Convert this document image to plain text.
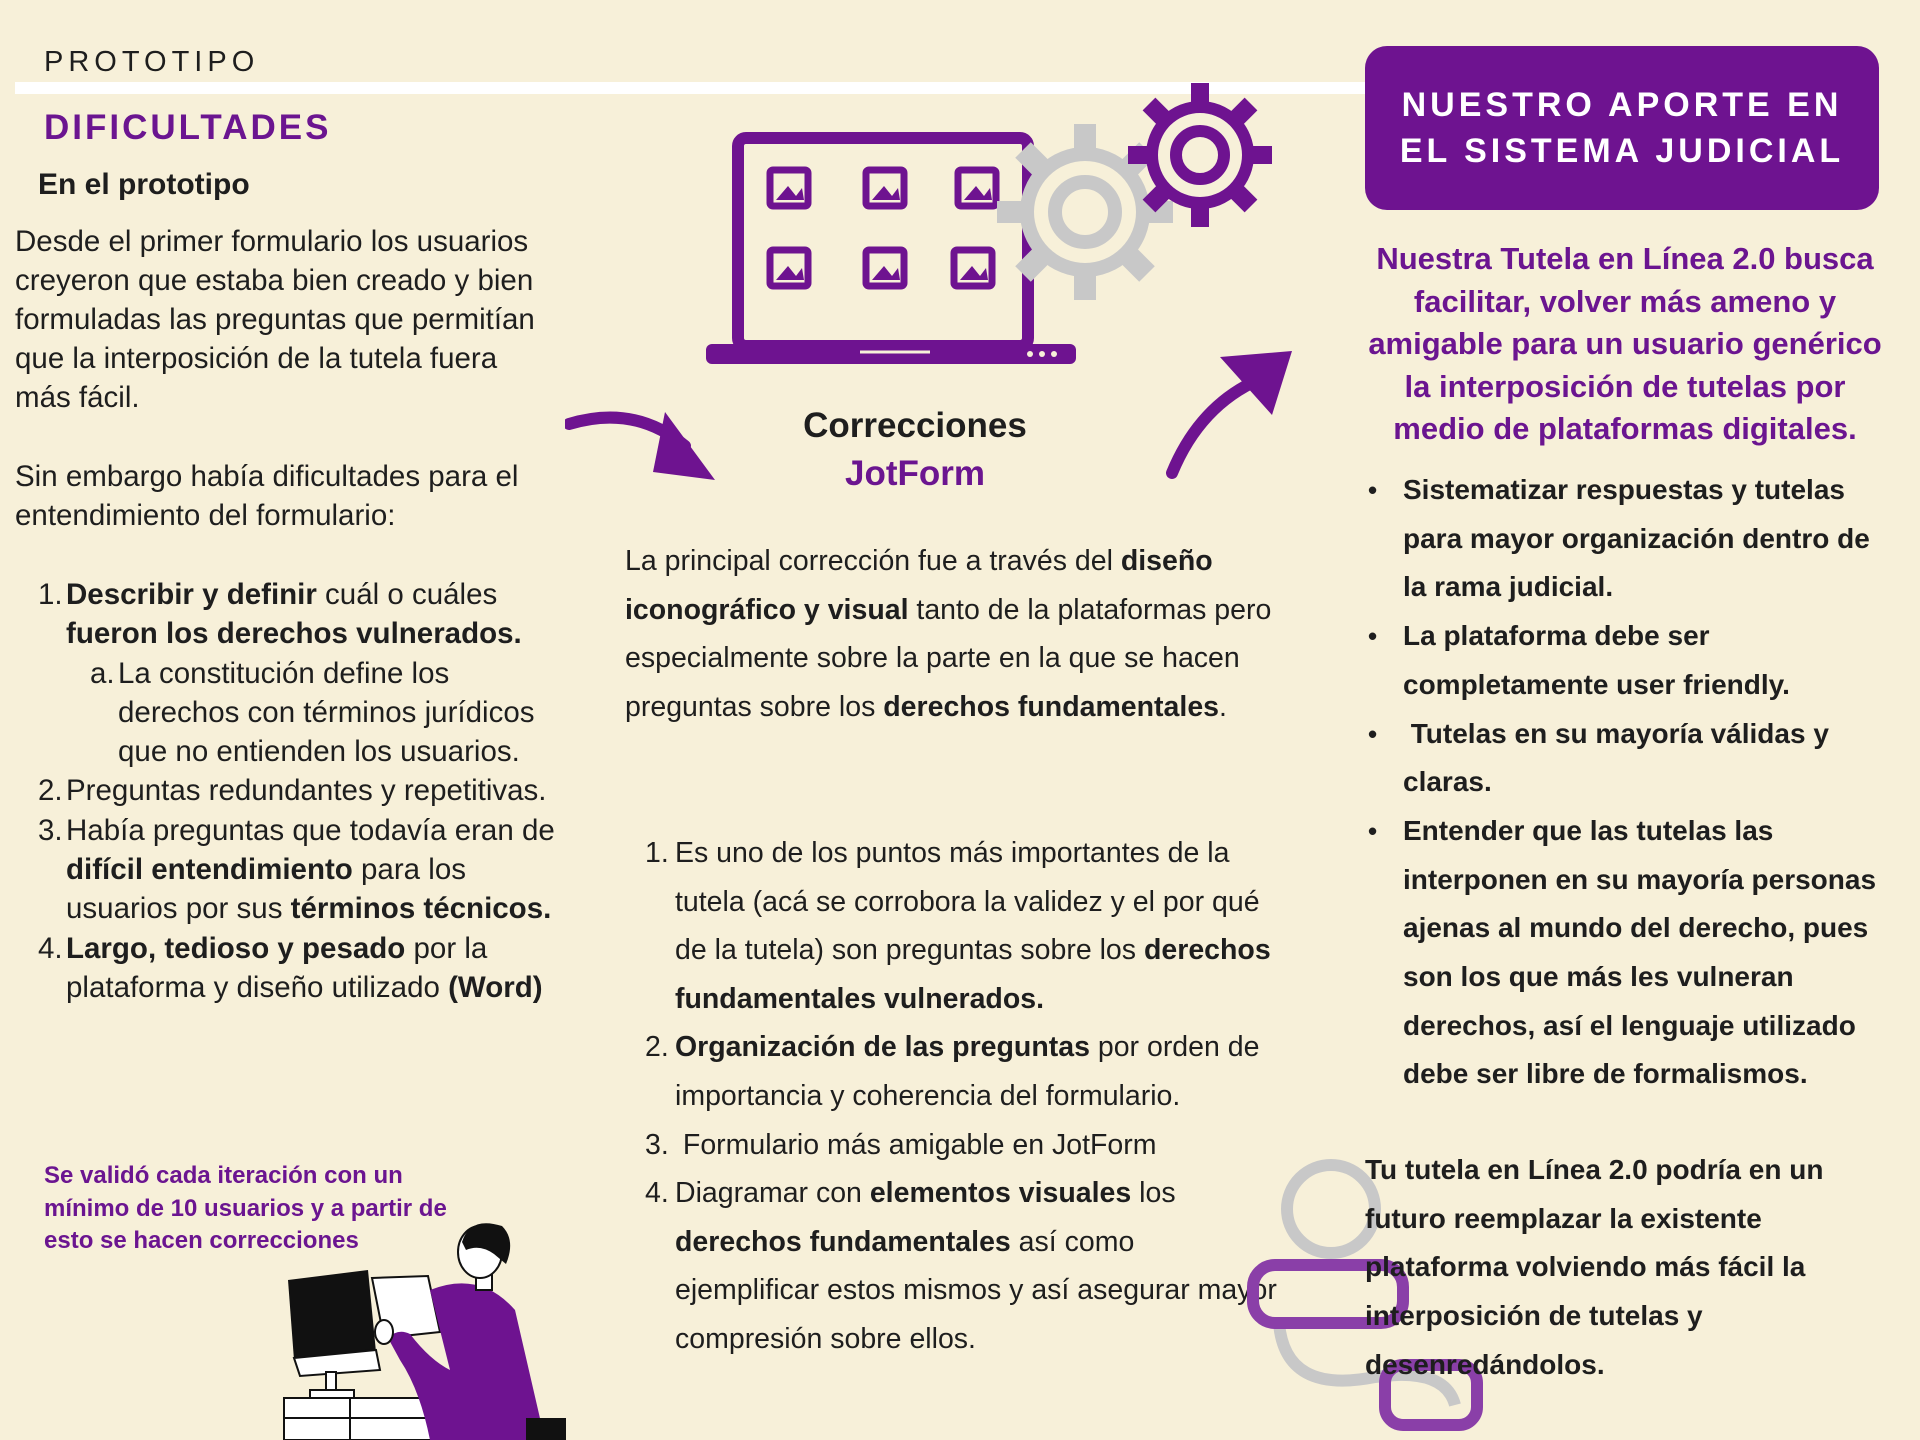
PROTOTIPO
DIFICULTADES
En el prototipo

Desde el primer formulario los usuarios creyeron que estaba bien creado y bien formuladas las preguntas que permitían que la interposición de la tutela fuera más fácil.

Sin embargo había dificultades para el entendimiento del formulario:

1. Describir y definir cuál o cuáles fueron los derechos vulnerados.
a. La constitución define los derechos con términos jurídicos que no entienden los usuarios.
2. Preguntas redundantes y repetitivas.
3. Había preguntas que todavía eran de difícil entendimiento para los usuarios por sus términos técnicos.
4. Largo, tedioso y pesado por la plataforma y diseño utilizado (Word)
Se validó cada iteración con un mínimo de 10 usuarios y a partir de esto se hacen correcciones
Correcciones
JotForm
La principal corrección fue a través del diseño iconográfico y visual tanto de la plataformas pero especialmente sobre la parte en la que se hacen preguntas sobre los derechos fundamentales.
1. Es uno de los puntos más importantes de la tutela (acá se corrobora la validez y el por qué de la tutela) son preguntas sobre los derechos fundamentales vulnerados.
2. Organización de las preguntas por orden de importancia y coherencia del formulario.
3. Formulario más amigable en JotForm
4. Diagramar con elementos visuales los derechos fundamentales así como ejemplificar estos mismos y así asegurar mayor compresión sobre ellos.
NUESTRO APORTE EN EL SISTEMA JUDICIAL
Nuestra Tutela en Línea 2.0 busca facilitar, volver más ameno y amigable para un usuario genérico la interposición de tutelas por medio de plataformas digitales.
• Sistematizar respuestas y tutelas para mayor organización dentro de la rama judicial.
• La plataforma debe ser completamente user friendly.
• Tutelas en su mayoría válidas y claras.
• Entender que las tutelas las interponen en su mayoría personas ajenas al mundo del derecho, pues son los que más les vulneran derechos, así el lenguaje utilizado debe ser libre de formalismos.
Tu tutela en Línea 2.0 podría en un futuro reemplazar la existente plataforma volviendo más fácil la interposición de tutelas y desenredándolos.
